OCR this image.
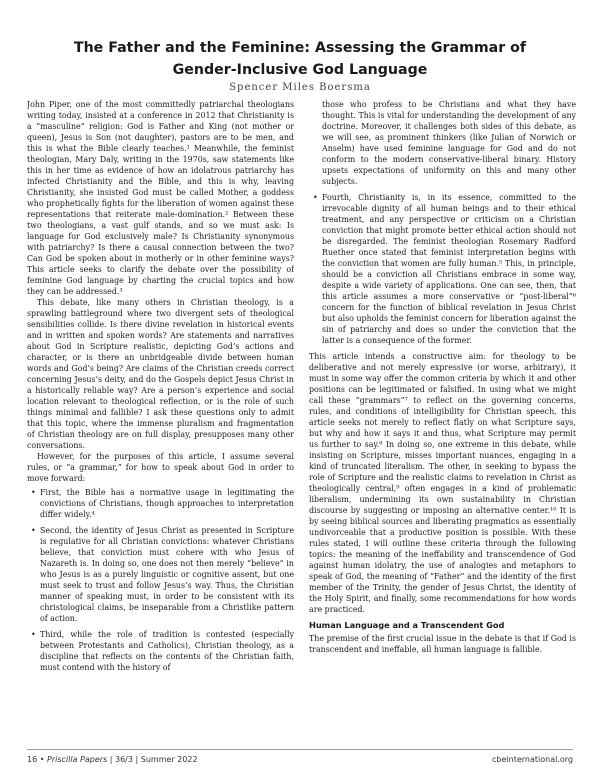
The Father and the Feminine: Assessing the Grammar of
Gender-Inclusive God Language
Spencer Miles Boersma

John Piper, one of the most committedly patriarchal theologians writing today, insisted at a conference in 2012 that Christianity is a “masculine” religion: God is Father and King (not mother or queen), Jesus is Son (not daughter), pastors are to be men, and this is what the Bible clearly teaches.¹ Meanwhile, the feminist theologian, Mary Daly, writing in the 1970s, saw statements like this in her time as evidence of how an idolatrous patriarchy has infected Christianity and the Bible, and this is why, leaving Christianity, she insisted God must be called Mother, a goddess who prophetically fights for the liberation of women against these representations that reiterate male-domination.² Between these two theologians, a vast gulf stands, and so we must ask: Is language for God exclusively male? Is Christianity synonymous with patriarchy? Is there a causal connection between the two? Can God be spoken about in motherly or in other feminine ways? This article seeks to clarify the debate over the possibility of feminine God language by charting the crucial topics and how they can be addressed.³

This debate, like many others in Christian theology, is a sprawling battleground where two divergent sets of theological sensibilities collide. Is there divine revelation in historical events and in written and spoken words? Are statements and narratives about God in Scripture realistic, depicting God’s actions and character, or is there an unbridgeable divide between human words and God’s being? Are claims of the Christian creeds correct concerning Jesus’s deity, and do the Gospels depict Jesus Christ in a historically reliable way? Are a person’s experience and social location relevant to theological reflection, or is the role of such things minimal and fallible? I ask these questions only to admit that this topic, where the immense pluralism and fragmentation of Christian theology are on full display, presupposes many other conversations.

However, for the purposes of this article, I assume several rules, or “a grammar,” for how to speak about God in order to move forward:

• First, the Bible has a normative usage in legitimating the convictions of Christians, though approaches to interpretation differ widely.⁴
• Second, the identity of Jesus Christ as presented in Scripture is regulative for all Christian convictions: whatever Christians believe, that conviction must cohere with who Jesus of Nazareth is. In doing so, one does not then merely “believe” in who Jesus is as a purely linguistic or cognitive assent, but one must seek to trust and follow Jesus’s way. Thus, the Christian manner of speaking must, in order to be consistent with its christological claims, be inseparable from a Christlike pattern of action.
• Third, while the role of tradition is contested (especially between Protestants and Catholics), Christian theology, as a discipline that reflects on the contents of the Christian faith, must contend with the history of
those who profess to be Christians and what they have thought. This is vital for understanding the development of any doctrine. Moreover, it challenges both sides of this debate, as we will see, as prominent thinkers (like Julian of Norwich or Anselm) have used feminine language for God and do not conform to the modern conservative-liberal binary. History upsets expectations of uniformity on this and many other subjects.
• Fourth, Christianity is, in its essence, committed to the irrevocable dignity of all human beings and to their ethical treatment, and any perspective or criticism on a Christian conviction that might promote better ethical action should not be disregarded. The feminist theologian Rosemary Radford Ruether once stated that feminist interpretation begins with the conviction that women are fully human.⁵ This, in principle, should be a conviction all Christians embrace in some way, despite a wide variety of applications. One can see, then, that this article assumes a more conservative or “post-liberal”⁶ concern for the function of biblical revelation in Jesus Christ but also upholds the feminist concern for liberation against the sin of patriarchy and does so under the conviction that the latter is a consequence of the former.

This article intends a constructive aim: for theology to be deliberative and not merely expressive (or worse, arbitrary), it must in some way offer the common criteria by which it and other positions can be legitimated or falsified. In using what we might call these “grammars”⁷ to reflect on the governing concerns, rules, and conditions of intelligibility for Christian speech, this article seeks not merely to reflect flatly on what Scripture says, but why and how it says it and thus, what Scripture may permit us further to say.⁸ In doing so, one extreme in this debate, while insisting on Scripture, misses important nuances, engaging in a kind of truncated literalism. The other, in seeking to bypass the role of Scripture and the realistic claims to revelation in Christ as theologically central,⁹ often engages in a kind of problematic liberalism, undermining its own sustainability in Christian discourse by suggesting or imposing an alternative center.¹⁰ It is by seeing biblical sources and liberating pragmatics as essentially undivorceable that a productive position is possible. With these rules stated, I will outline these criteria through the following topics: the meaning of the ineffability and transcendence of God against human idolatry, the use of analogies and metaphors to speak of God, the meaning of “Father” and the identity of the first member of the Trinity, the gender of Jesus Christ, the identity of the Holy Spirit, and finally, some recommendations for how words are practiced.

Human Language and a Transcendent God

The premise of the first crucial issue in the debate is that if God is transcendent and ineffable, all human language is fallible.

16 • Priscilla Papers | 36/3 | Summer 2022	cbeinternational.org
